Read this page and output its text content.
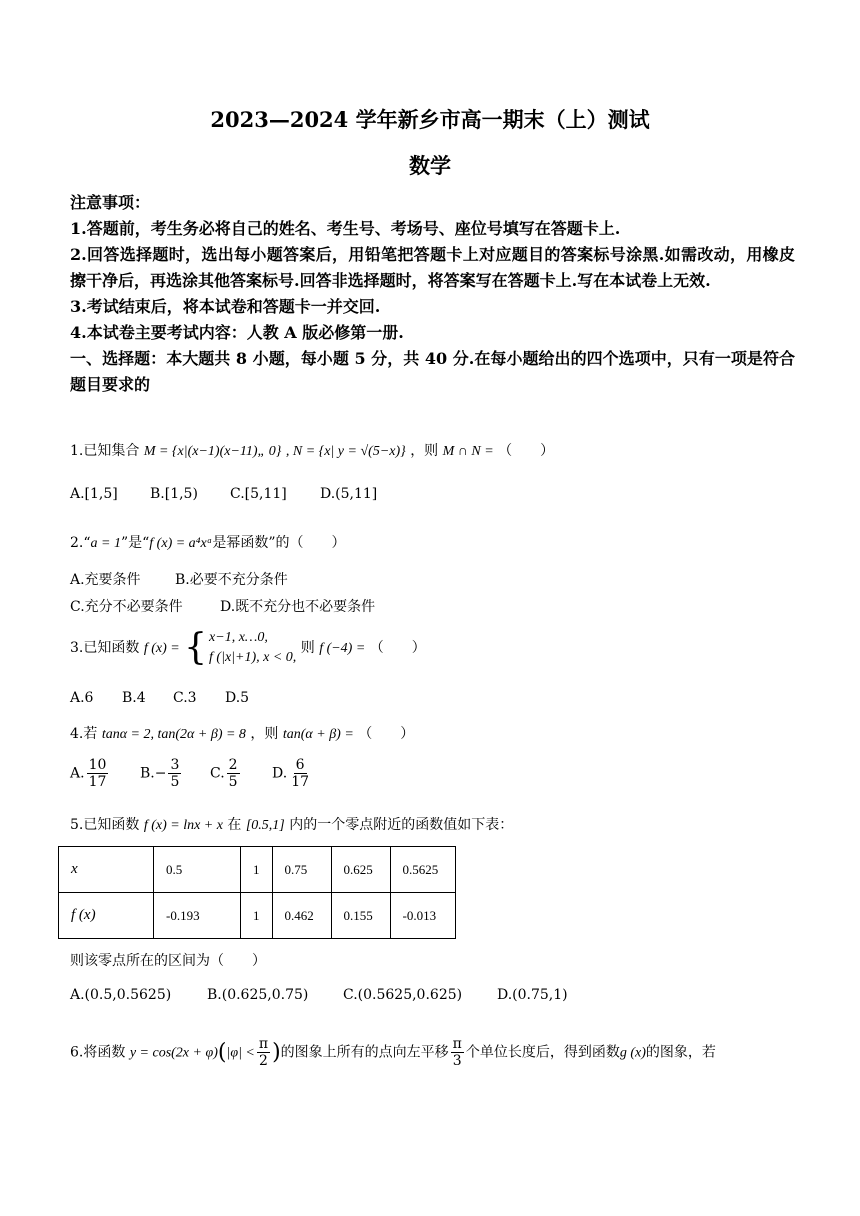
2023—2024 学年新乡市高一期末（上）测试
数学
注意事项：
1.答题前，考生务必将自己的姓名、考生号、考场号、座位号填写在答题卡上.
2.回答选择题时，选出每小题答案后，用铅笔把答题卡上对应题目的答案标号涂黑.如需改动，用橡皮擦干净后，再选涂其他答案标号.回答非选择题时，将答案写在答题卡上.写在本试卷上无效.
3.考试结束后，将本试卷和答题卡一并交回.
4.本试卷主要考试内容：人教 A 版必修第一册.
一、选择题：本大题共 8 小题，每小题 5 分，共 40 分.在每小题给出的四个选项中，只有一项是符合题目要求的
1.已知集合 M = {x|(x−1)(x−11)„ 0} , N = {x| y = √(5−x)} ，则 M ∩ N = （　　）
A.[1,5] B.[1,5) C.[5,11] D.(5,11]
2.“a = 1”是“f (x) = a⁴xᵃ是幂函数”的（　　）
A.充要条件 B.必要不充分条件
C.充分不必要条件	D.既不充分也不必要条件
3.已知函数 f (x) = { x−1, x…0,
f (|x|+1), x < 0,
则 f (−4) = （　　）
A.6 B.4 C.3 D.5
4.若 tanα = 2, tan(2α + β) = 8 ，则 tan(α + β) = （　　）
A. $\frac{10}{17} B.- \frac{3}{5} C$. $\frac{2}{5} D$. $\frac{6}{17}$
5.已知函数 f (x) = lnx + x 在 [0.5,1] 内的一个零点附近的函数值如下表：
x	0.5	1	0.75	0.625	0.5625
f (x)	-0.193	1	0.462	0.155	-0.013
则该零点所在的区间为（　　）
A.(0.5,0.5625)	B.(0.625,0.75) C.(0.5625,0.625) D.(0.75,1)
6.将函数 $y = \cos(2x + \varphi)(|\varphi| < \frac{\pi}{2}$ )的图象上所有的点向左平移 $\frac{\pi}{3}$ 个单位长度后，得到函数g (x)的图象，若
